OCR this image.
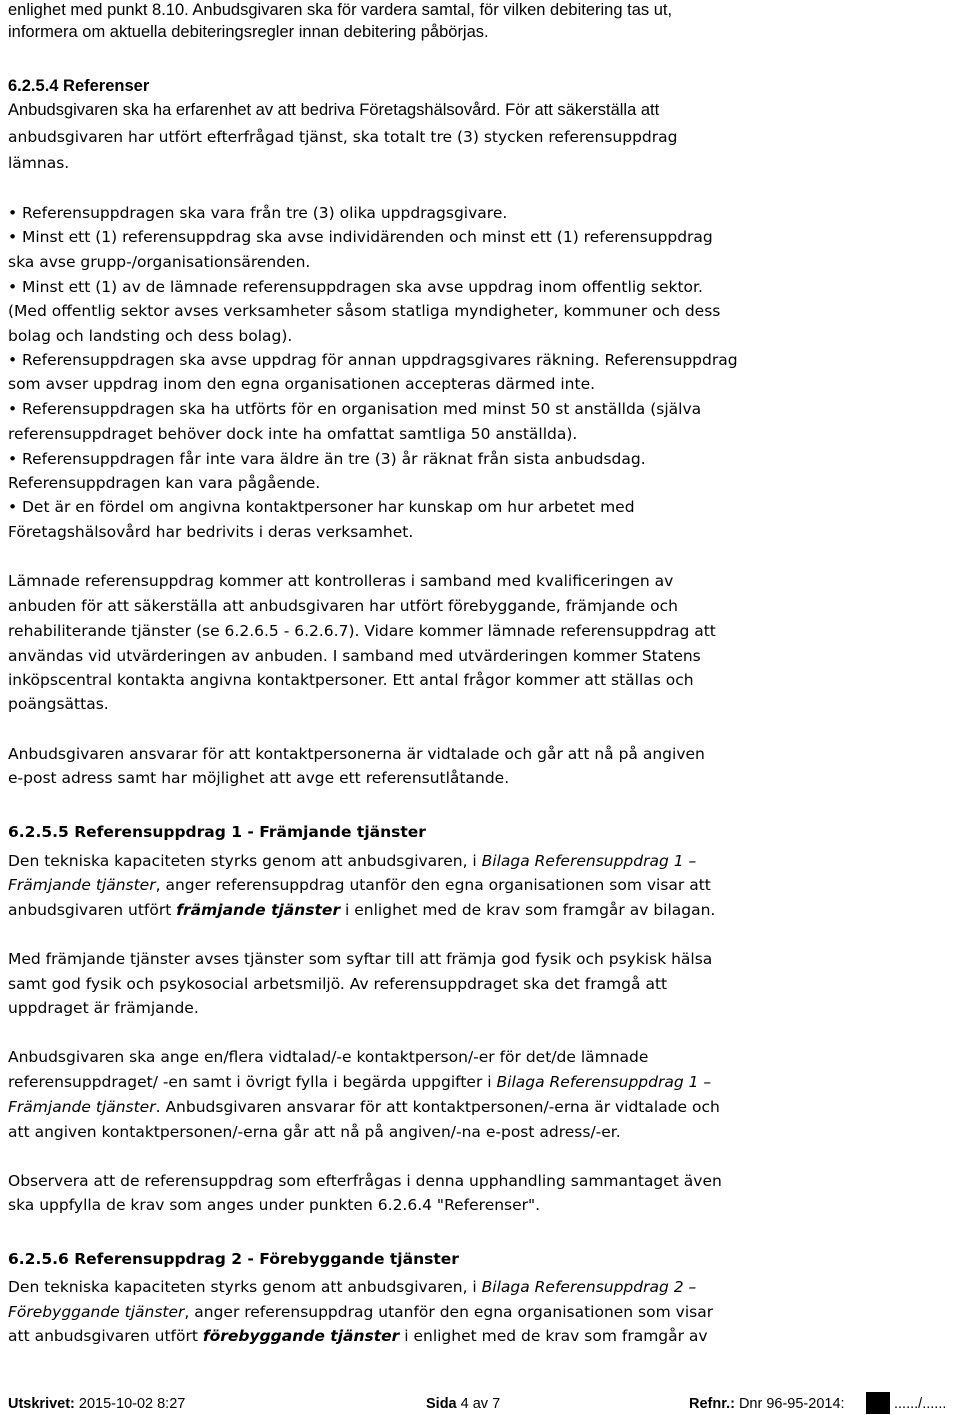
enlighet med punkt 8.10. Anbudsgivaren ska för vardera samtal, för vilken debitering tas ut,
informera om aktuella debiteringsregler innan debitering påbörjas.
6.2.5.4 Referenser
Anbudsgivaren ska ha erfarenhet av att bedriva Företagshälsovård. För att säkerställa att
anbudsgivaren har utfört efterfrågad tjänst, ska totalt tre (3) stycken referensuppdrag
lämnas.
• Referensuppdragen ska vara från tre (3) olika uppdragsgivare.
• Minst ett (1) referensuppdrag ska avse individärenden och minst ett (1) referensuppdrag
ska avse grupp-/organisationsärenden.
• Minst ett (1) av de lämnade referensuppdragen ska avse uppdrag inom offentlig sektor.
(Med offentlig sektor avses verksamheter såsom statliga myndigheter, kommuner och dess
bolag och landsting och dess bolag).
• Referensuppdragen ska avse uppdrag för annan uppdragsgivares räkning. Referensuppdrag
som avser uppdrag inom den egna organisationen accepteras därmed inte.
• Referensuppdragen ska ha utförts för en organisation med minst 50 st anställda (själva
referensuppdraget behöver dock inte ha omfattat samtliga 50 anställda).
• Referensuppdragen får inte vara äldre än tre (3) år räknat från sista anbudsdag.
Referensuppdragen kan vara pågående.
• Det är en fördel om angivna kontaktpersoner har kunskap om hur arbetet med
Företagshälsovård har bedrivits i deras verksamhet.
Lämnade referensuppdrag kommer att kontrolleras i samband med kvalificeringen av
anbuden för att säkerställa att anbudsgivaren har utfört förebyggande, främjande och
rehabiliterande tjänster (se 6.2.6.5 - 6.2.6.7). Vidare kommer lämnade referensuppdrag att
användas vid utvärderingen av anbuden. I samband med utvärderingen kommer Statens
inköpscentral kontakta angivna kontaktpersoner. Ett antal frågor kommer att ställas och
poängsättas.
Anbudsgivaren ansvarar för att kontaktpersonerna är vidtalade och går att nå på angiven
e-post adress samt har möjlighet att avge ett referensutlåtande.
6.2.5.5 Referensuppdrag 1 - Främjande tjänster
Den tekniska kapaciteten styrks genom att anbudsgivaren, i Bilaga Referensuppdrag 1 –
Främjande tjänster, anger referensuppdrag utanför den egna organisationen som visar att
anbudsgivaren utfört främjande tjänster i enlighet med de krav som framgår av bilagan.
Med främjande tjänster avses tjänster som syftar till att främja god fysik och psykisk hälsa
samt god fysik och psykosocial arbetsmiljö. Av referensuppdraget ska det framgå att
uppdraget är främjande.
Anbudsgivaren ska ange en/flera vidtalad/-e kontaktperson/-er för det/de lämnade
referensuppdraget/ -en samt i övrigt fylla i begärda uppgifter i Bilaga Referensuppdrag 1 –
Främjande tjänster. Anbudsgivaren ansvarar för att kontaktpersonen/-erna är vidtalade och
att angiven kontaktpersonen/-erna går att nå på angiven/-na e-post adress/-er.
Observera att de referensuppdrag som efterfrågas i denna upphandling sammantaget även
ska uppfylla de krav som anges under punkten 6.2.6.4 "Referenser".
6.2.5.6 Referensuppdrag 2 - Förebyggande tjänster
Den tekniska kapaciteten styrks genom att anbudsgivaren, i Bilaga Referensuppdrag 2 –
Förebyggande tjänster, anger referensuppdrag utanför den egna organisationen som visar
att anbudsgivaren utfört förebyggande tjänster i enlighet med de krav som framgår av
Utskrivet: 2015-10-02 8:27	Sida 4 av 7	Refnr.: Dnr 96-95-2014:	....../......
